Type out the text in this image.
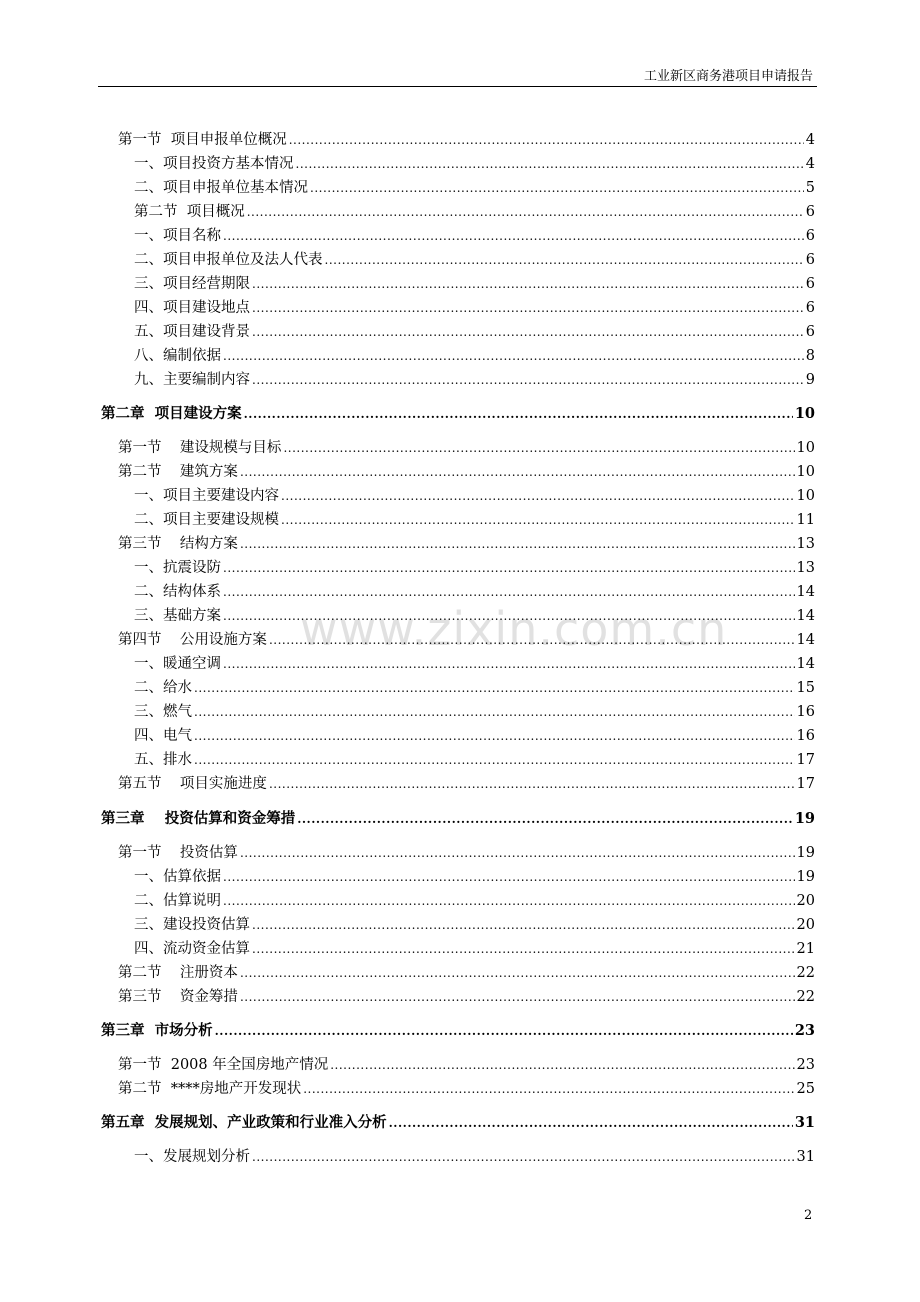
工业新区商务港项目申请报告
www.zixin.com.cn
第一节  项目申报单位概况 .....	4
一、项目投资方基本情况 .....	4
二、项目申报单位基本情况 .....	5
第二节  项目概况 .....	6
一、项目名称 .....	6
二、项目申报单位及法人代表 .....	6
三、项目经营期限 .....	6
四、项目建设地点 .....	6
五、项目建设背景 .....	6
八、编制依据 .....	8
九、主要编制内容 .....	9
第二章  项目建设方案 .....	10
第一节    建设规模与目标 .....	10
第二节    建筑方案 .....	10
一、项目主要建设内容 .....	10
二、项目主要建设规模 .....	11
第三节    结构方案 .....	13
一、抗震设防 .....	13
二、结构体系 .....	14
三、基础方案 .....	14
第四节    公用设施方案 .....	14
一、暖通空调 .....	14
二、给水 .....	15
三、燃气 .....	16
四、电气 .....	16
五、排水 .....	17
第五节    项目实施进度 .....	17
第三章    投资估算和资金筹措 .....	19
第一节    投资估算 .....	19
一、估算依据 .....	19
二、估算说明 .....	20
三、建设投资估算 .....	20
四、流动资金估算 .....	21
第二节    注册资本 .....	22
第三节    资金筹措 .....	22
第三章  市场分析 .....	23
第一节  2008 年全国房地产情况 .....	23
第二节  ****房地产开发现状 .....	25
第五章  发展规划、产业政策和行业准入分析 .....	31
一、发展规划分析 .....	31
2
